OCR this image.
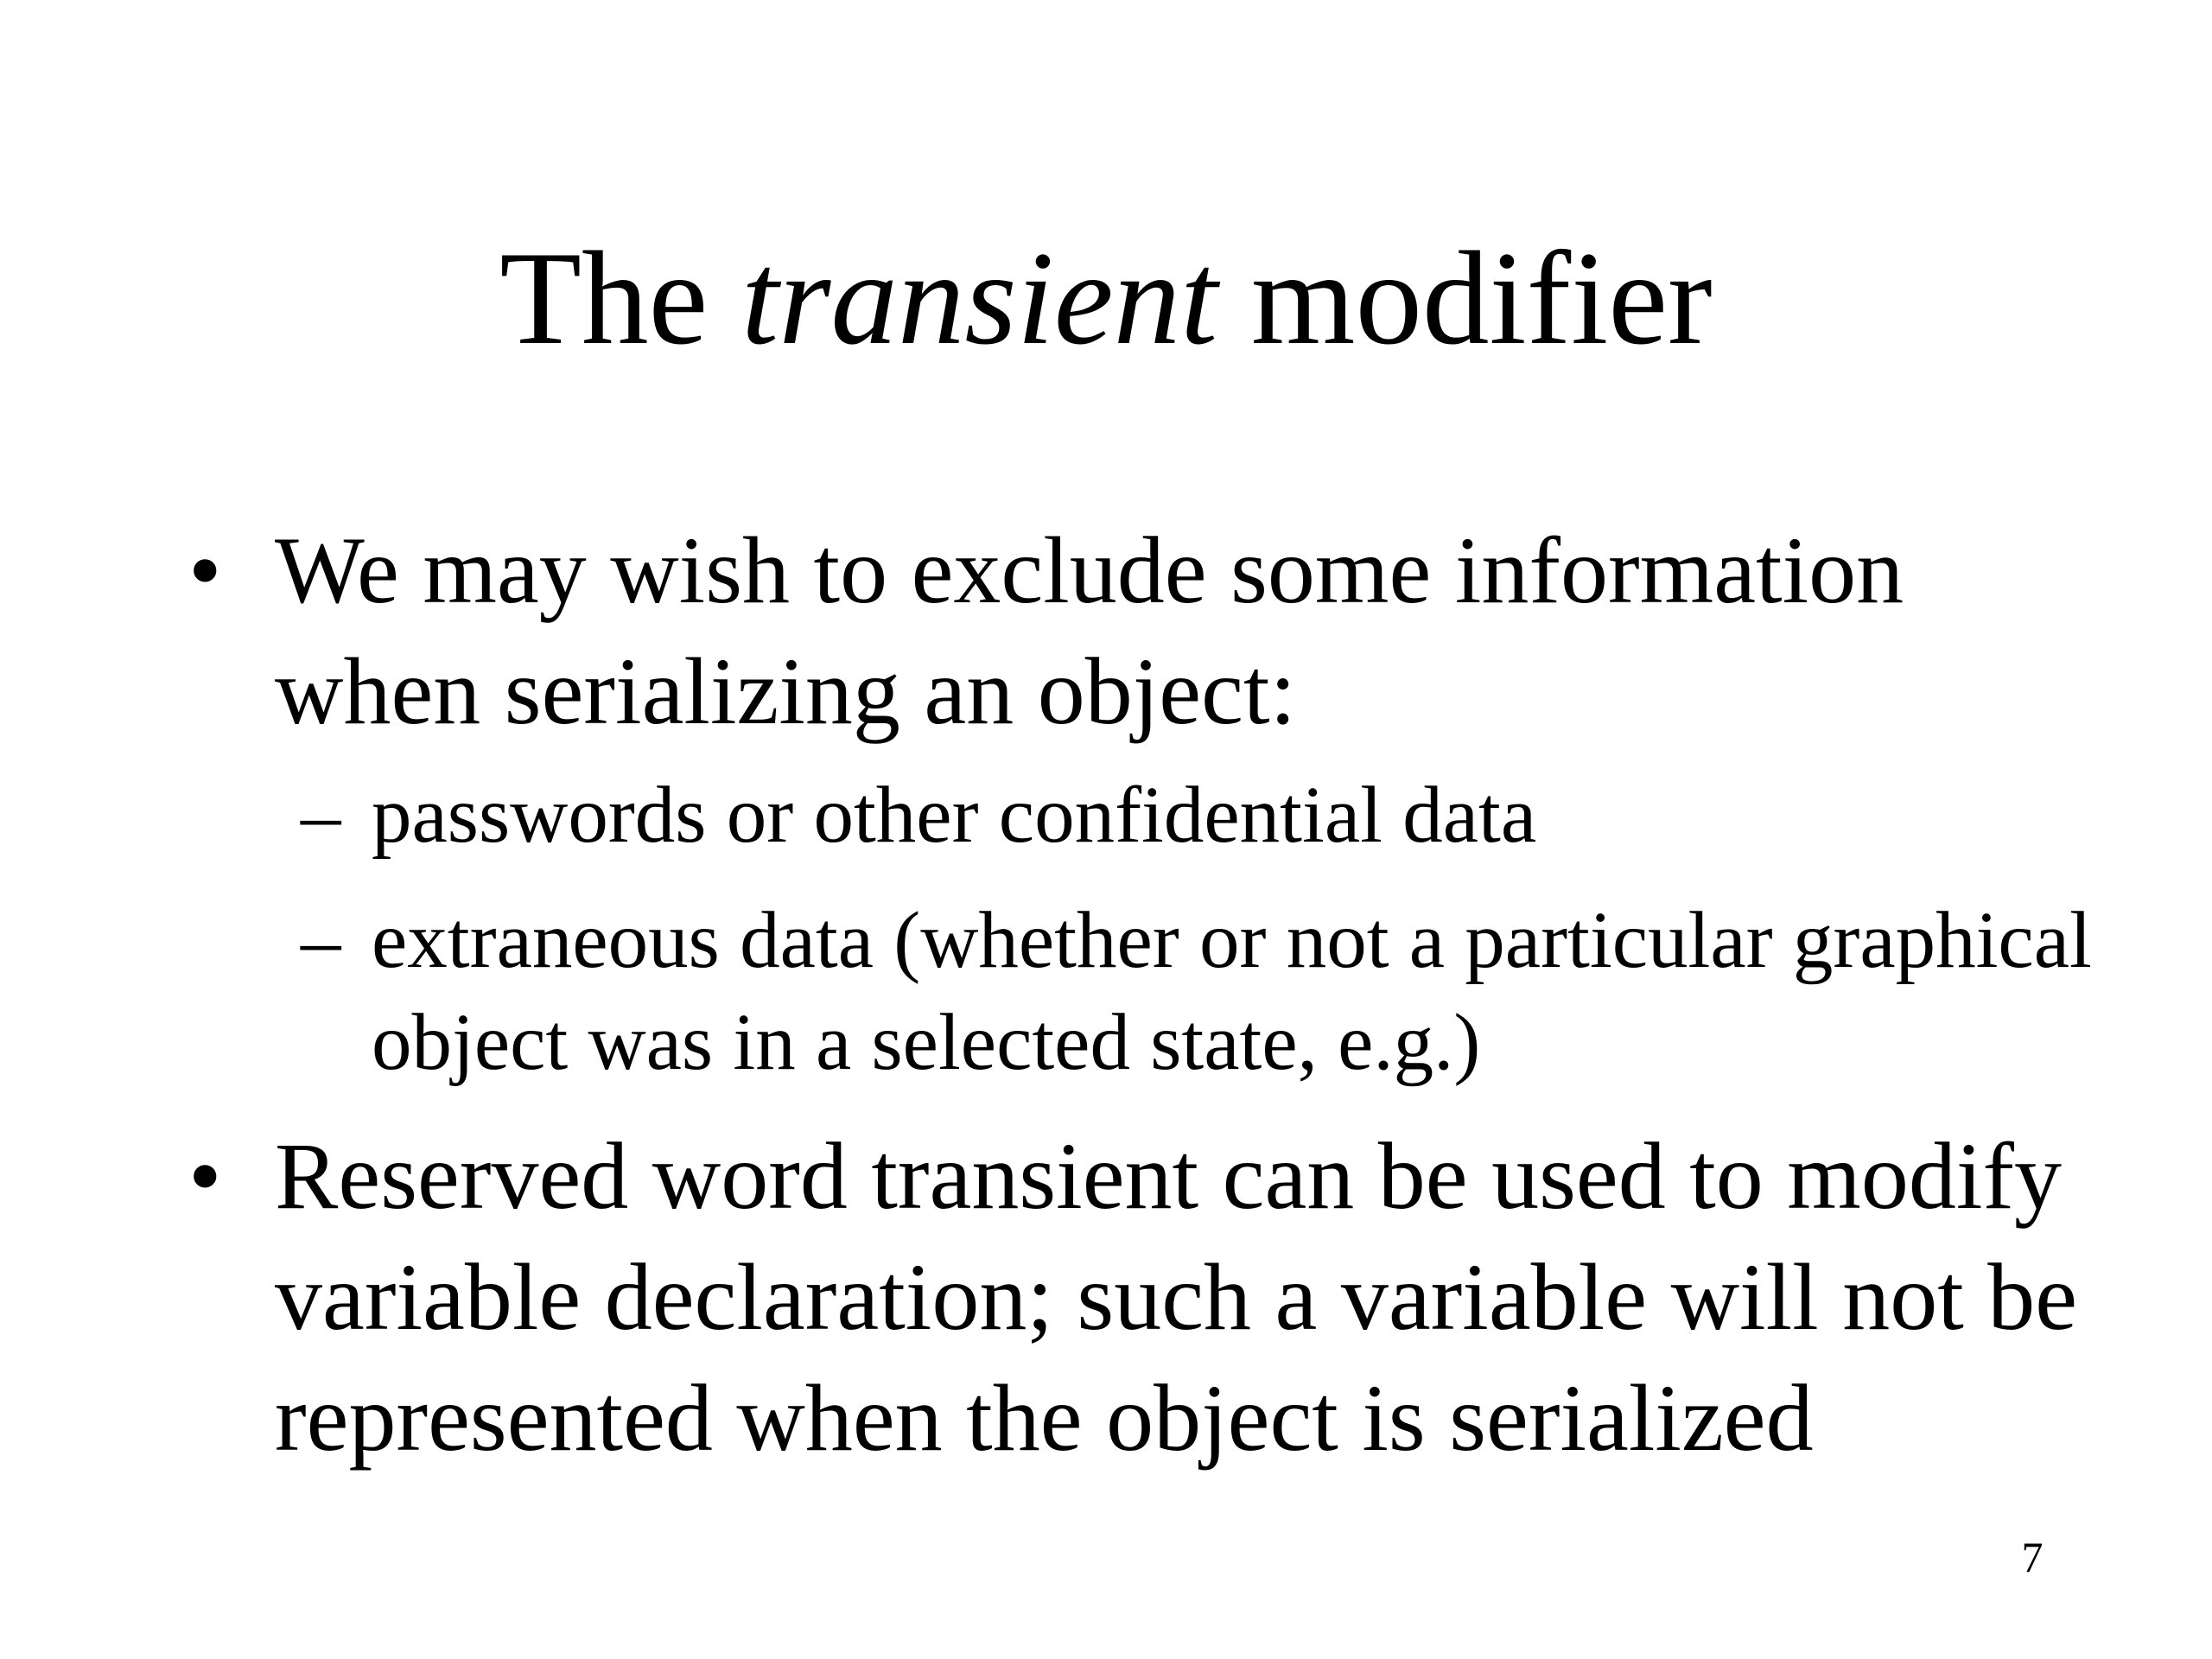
The transient modifier
• We may wish to exclude some information when serializing an object:
– passwords or other confidential data
– extraneous data (whether or not a particular graphical object was in a selected state, e.g.)
• Reserved word transient can be used to modify variable declaration; such a variable will not be represented when the object is serialized
7
